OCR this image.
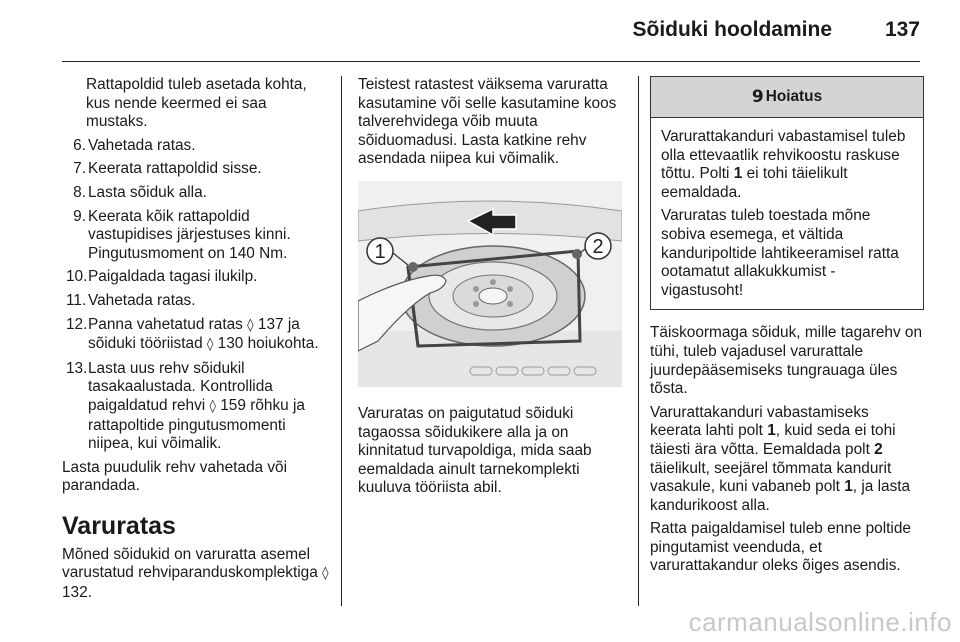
Sõiduki hooldamine	137

Rattapoldid tuleb asetada kohta, kus nende keermed ei saa mustaks.

6. Vahetada ratas.
7. Keerata rattapoldid sisse.
8. Lasta sõiduk alla.
9. Keerata kõik rattapoldid vastupidises järjestuses kinni. Pingutusmoment on 140 Nm.
10. Paigaldada tagasi ilukilp.
11. Vahetada ratas.
12. Panna vahetatud ratas ◊ 137 ja sõiduki tööriistad ◊ 130 hoiukohta.
13. Lasta uus rehv sõidukil tasakaalustada. Kontrollida paigaldatud rehvi ◊ 159 rõhku ja rattapoltide pingutusmomenti niipea, kui võimalik.

Lasta puudulik rehv vahetada või parandada.

Varuratas

Mõned sõidukid on varuratta asemel varustatud rehviparanduskomplektiga ◊ 132.

Teistest ratastest väiksema varuratta kasutamine või selle kasutamine koos talverehvidega võib muuta sõiduomadusi. Lasta katkine rehv asendada niipea kui võimalik.

1	2

Varuratas on paigutatud sõiduki tagaossa sõidukikere alla ja on kinnitatud turvapoldiga, mida saab eemaldada ainult tarnekomplekti kuuluva tööriista abil.

9 Hoiatus

Varurattakanduri vabastamisel tuleb olla ettevaatlik rehvikoostu raskuse tõttu. Polti 1 ei tohi täielikult eemaldada.

Varuratas tuleb toestada mõne sobiva esemega, et vältida kanduripoltide lahtikeeramisel ratta ootamatut allakukkumist - vigastusoht!

Täiskoormaga sõiduk, mille tagarehv on tühi, tuleb vajadusel varurattale juurdepääsemiseks tungrauaga üles tõsta.

Varurattakanduri vabastamiseks keerata lahti polt 1, kuid seda ei tohi täiesti ära võtta. Eemaldada polt 2 täielikult, seejärel tõmmata kandurit vasakule, kuni vabaneb polt 1, ja lasta kandurikoost alla.

Ratta paigaldamisel tuleb enne poltide pingutamist veenduda, et varurattakandur oleks õiges asendis.

carmanualsonline.info
